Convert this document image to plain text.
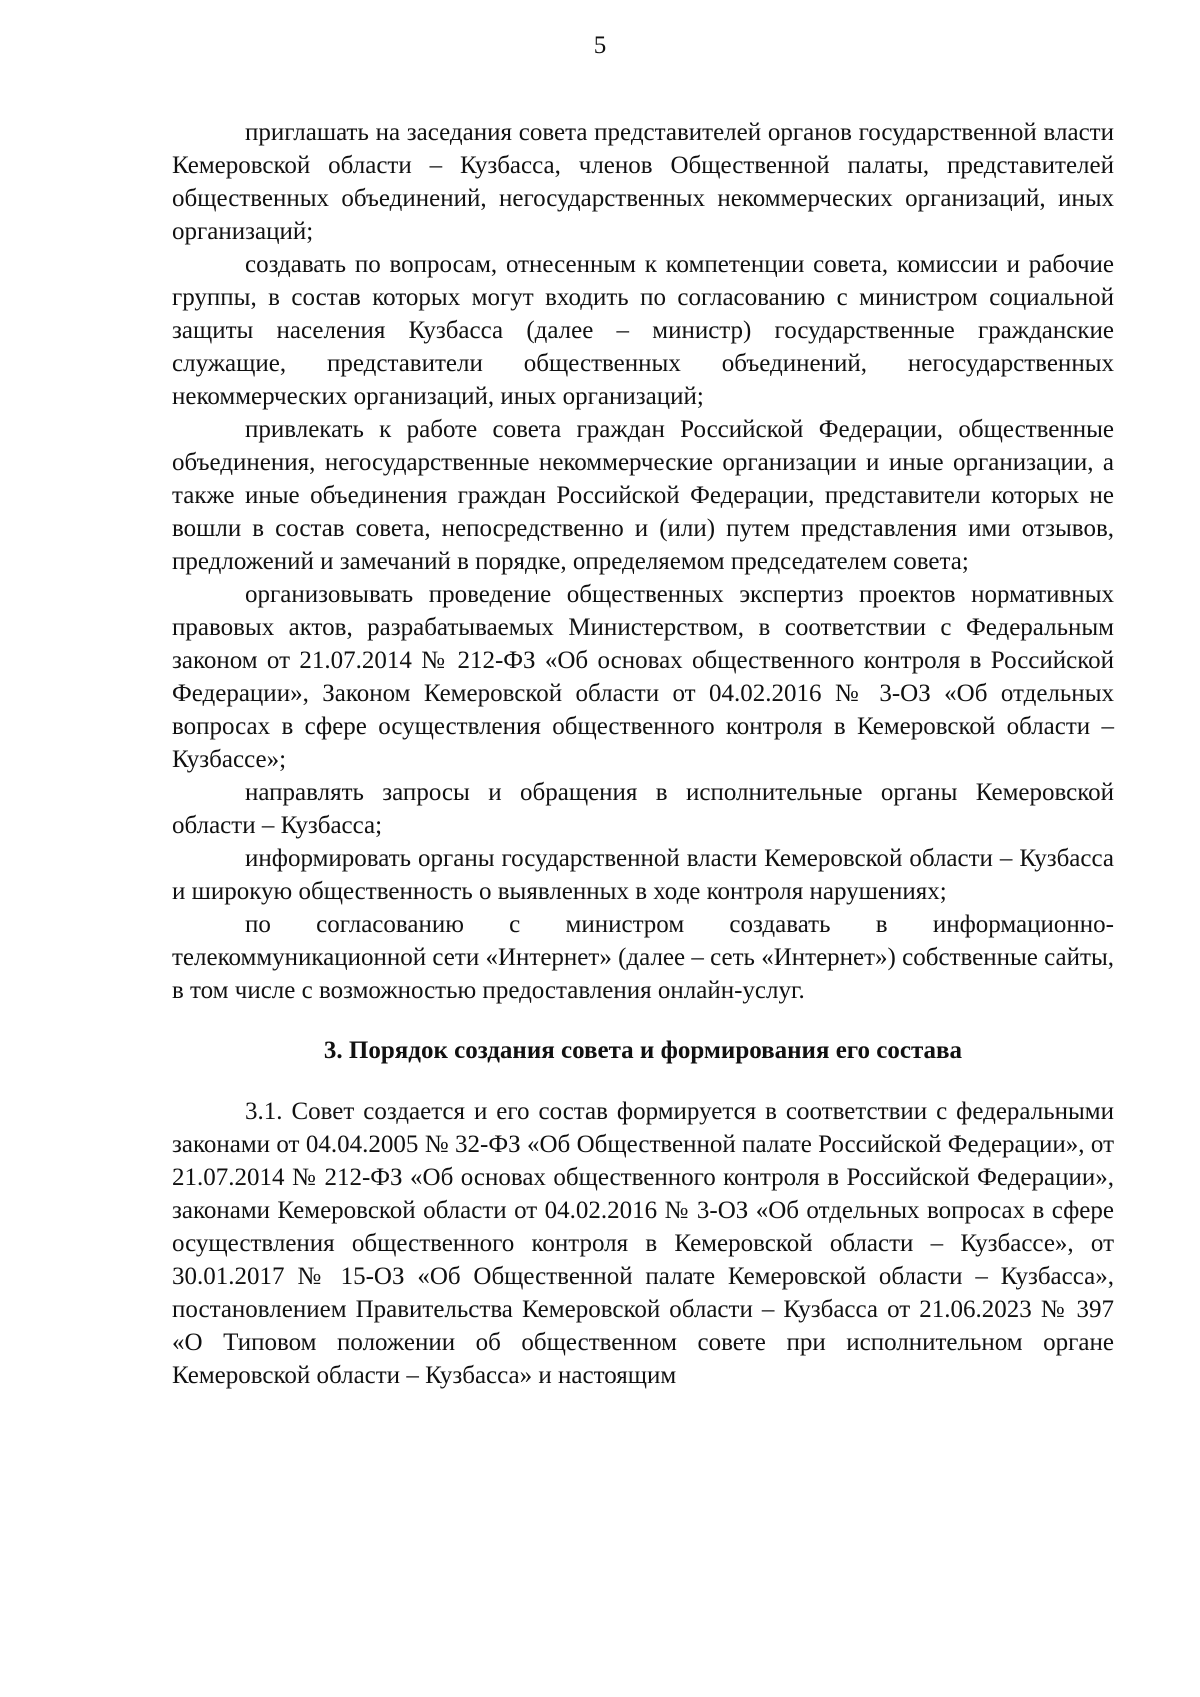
5

приглашать на заседания совета представителей органов государственной власти Кемеровской области – Кузбасса, членов Общественной палаты, представителей общественных объединений, негосударственных некоммерческих организаций, иных организаций;

создавать по вопросам, отнесенным к компетенции совета, комиссии и рабочие группы, в состав которых могут входить по согласованию с министром социальной защиты населения Кузбасса (далее – министр) государственные гражданские служащие, представители общественных объединений, негосударственных некоммерческих организаций, иных организаций;

привлекать к работе совета граждан Российской Федерации, общественные объединения, негосударственные некоммерческие организации и иные организации, а также иные объединения граждан Российской Федерации, представители которых не вошли в состав совета, непосредственно и (или) путем представления ими отзывов, предложений и замечаний в порядке, определяемом председателем совета;

организовывать проведение общественных экспертиз проектов нормативных правовых актов, разрабатываемых Министерством, в соответствии с Федеральным законом от 21.07.2014 № 212-ФЗ «Об основах общественного контроля в Российской Федерации», Законом Кемеровской области от 04.02.2016 № 3-ОЗ «Об отдельных вопросах в сфере осуществления общественного контроля в Кемеровской области – Кузбассе»;

направлять запросы и обращения в исполнительные органы Кемеровской области – Кузбасса;

информировать органы государственной власти Кемеровской области – Кузбасса и широкую общественность о выявленных в ходе контроля нарушениях;

по согласованию с министром создавать в информационно-телекоммуникационной сети «Интернет» (далее – сеть «Интернет») собственные сайты, в том числе с возможностью предоставления онлайн-услуг.

3. Порядок создания совета и формирования его состава

3.1. Совет создается и его состав формируется в соответствии с федеральными законами от 04.04.2005 № 32-ФЗ «Об Общественной палате Российской Федерации», от 21.07.2014 № 212-ФЗ «Об основах общественного контроля в Российской Федерации», законами Кемеровской области от 04.02.2016 № 3-ОЗ «Об отдельных вопросах в сфере осуществления общественного контроля в Кемеровской области – Кузбассе», от 30.01.2017 № 15-ОЗ «Об Общественной палате Кемеровской области – Кузбасса», постановлением Правительства Кемеровской области – Кузбасса от 21.06.2023 № 397 «О Типовом положении об общественном совете при исполнительном органе Кемеровской области – Кузбасса» и настоящим
